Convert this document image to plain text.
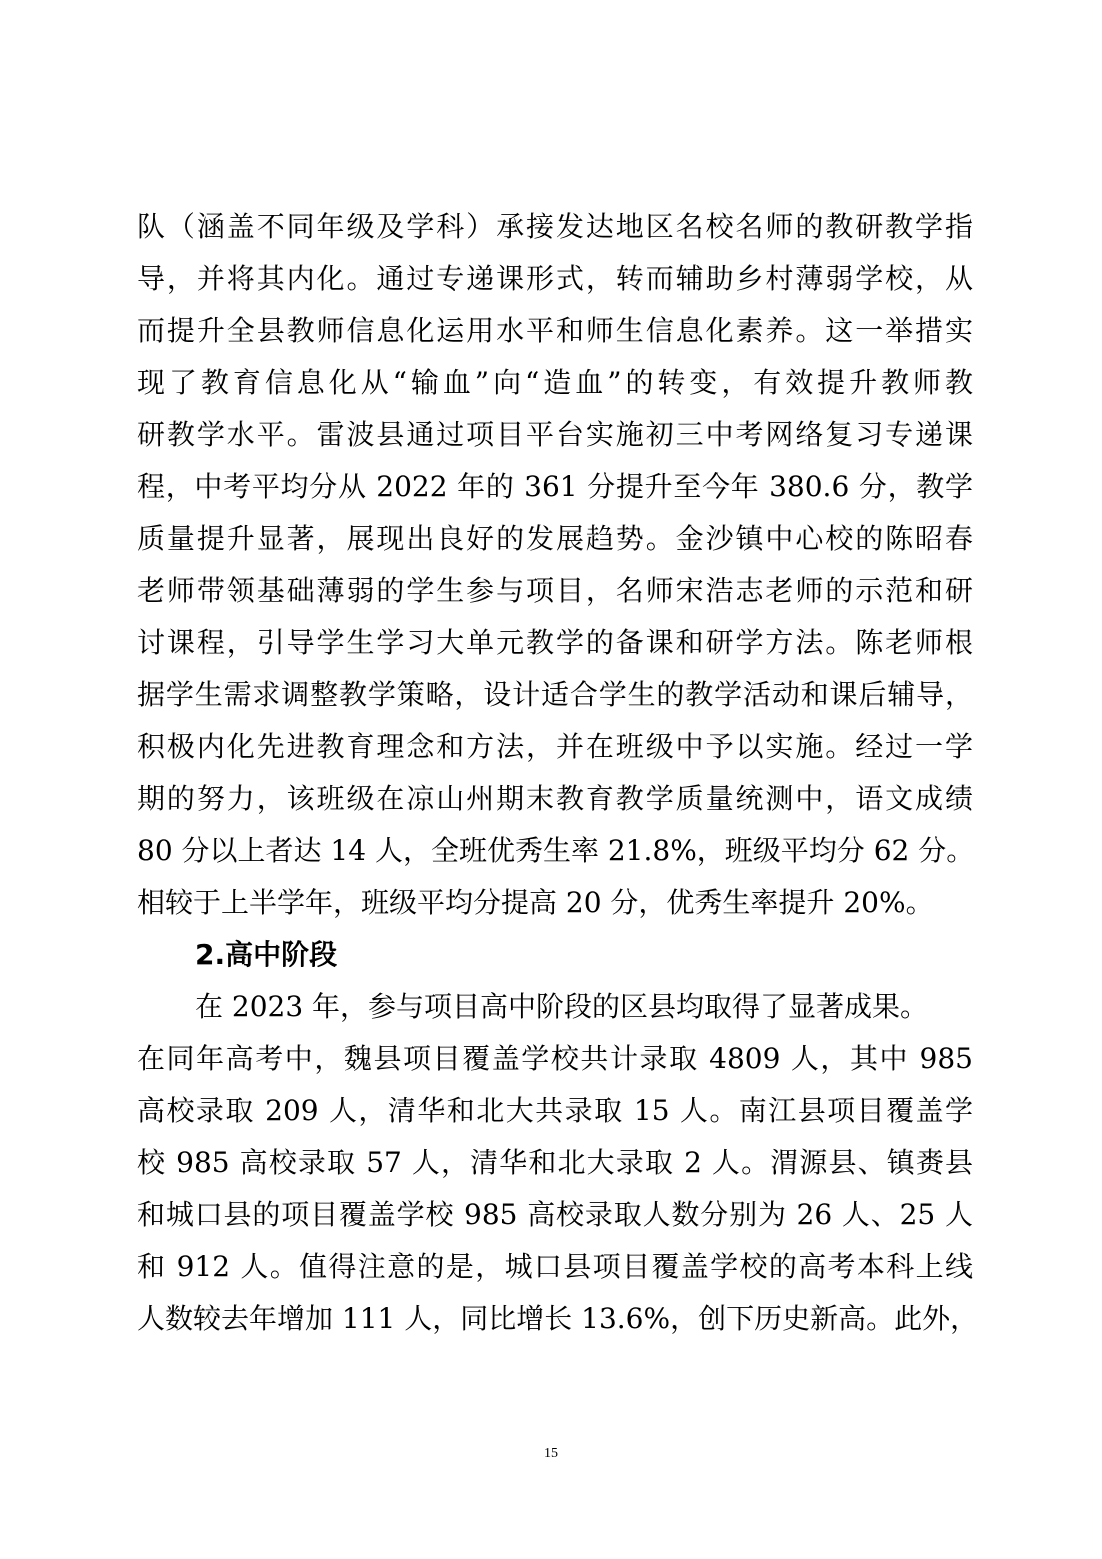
队（涵盖不同年级及学科）承接发达地区名校名师的教研教学指
导，并将其内化。通过专递课形式，转而辅助乡村薄弱学校，从
而提升全县教师信息化运用水平和师生信息化素养。这一举措实
现了教育信息化从“输血”向“造血”的转变，有效提升教师教
研教学水平。雷波县通过项目平台实施初三中考网络复习专递课
程，中考平均分从 2022 年的 361 分提升至今年 380.6 分，教学
质量提升显著，展现出良好的发展趋势。金沙镇中心校的陈昭春
老师带领基础薄弱的学生参与项目，名师宋浩志老师的示范和研
讨课程，引导学生学习大单元教学的备课和研学方法。陈老师根
据学生需求调整教学策略，设计适合学生的教学活动和课后辅导，
积极内化先进教育理念和方法，并在班级中予以实施。经过一学
期的努力，该班级在凉山州期末教育教学质量统测中，语文成绩
80 分以上者达 14 人，全班优秀生率 21.8%，班级平均分 62 分。
相较于上半学年，班级平均分提高 20 分，优秀生率提升 20%。
2.高中阶段
在 2023 年，参与项目高中阶段的区县均取得了显著成果。
在同年高考中，魏县项目覆盖学校共计录取 4809 人，其中 985
高校录取 209 人，清华和北大共录取 15 人。南江县项目覆盖学
校 985 高校录取 57 人，清华和北大录取 2 人。渭源县、镇赉县
和城口县的项目覆盖学校 985 高校录取人数分别为 26 人、25 人
和 912 人。值得注意的是，城口县项目覆盖学校的高考本科上线
人数较去年增加 111 人，同比增长 13.6%，创下历史新高。此外，
15
